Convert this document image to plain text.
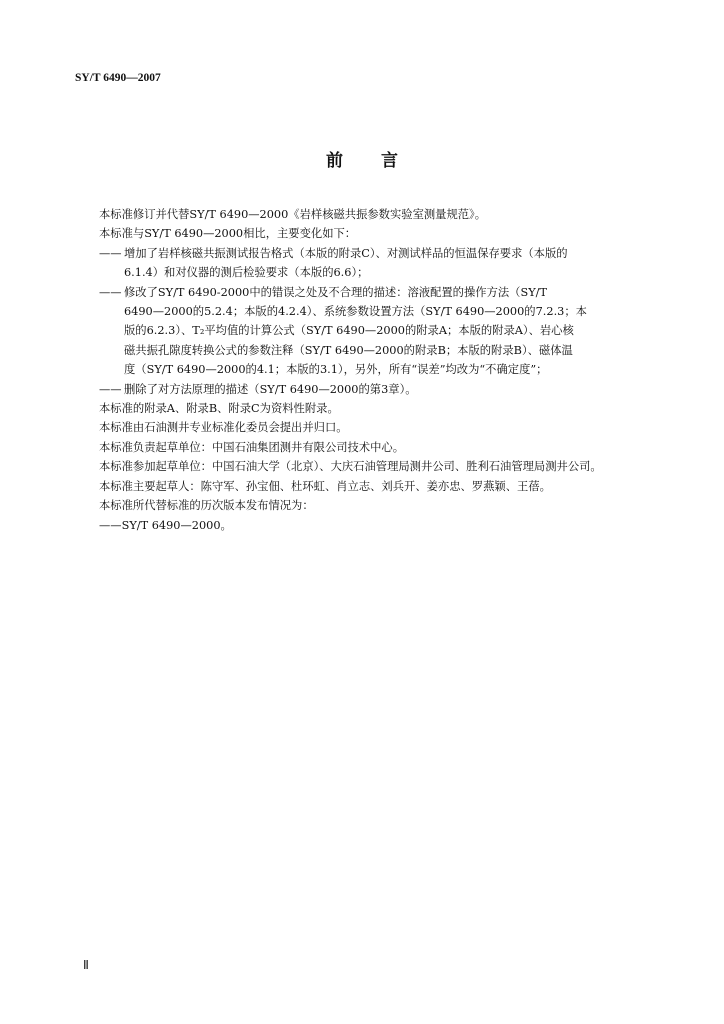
SY/T 6490—2007
前 言
本标准修订并代替SY/T 6490—2000《岩样核磁共振参数实验室测量规范》。
本标准与SY/T 6490—2000相比，主要变化如下：
—— 增加了岩样核磁共振测试报告格式（本版的附录C）、对测试样品的恒温保存要求（本版的
6.1.4）和对仪器的测后检验要求（本版的6.6）；
—— 修改了SY/T 6490-2000中的错误之处及不合理的描述：溶液配置的操作方法（SY/T
6490—2000的5.2.4；本版的4.2.4）、系统参数设置方法（SY/T 6490—2000的7.2.3；本
版的6.2.3）、T₂平均值的计算公式（SY/T 6490—2000的附录A；本版的附录A）、岩心核
磁共振孔隙度转换公式的参数注释（SY/T 6490—2000的附录B；本版的附录B）、磁体温
度（SY/T 6490—2000的4.1；本版的3.1），另外，所有“误差”均改为“不确定度”；
—— 删除了对方法原理的描述（SY/T 6490—2000的第3章）。
本标准的附录A、附录B、附录C为资料性附录。
本标准由石油测井专业标准化委员会提出并归口。
本标准负责起草单位：中国石油集团测井有限公司技术中心。
本标准参加起草单位：中国石油大学（北京）、大庆石油管理局测井公司、胜利石油管理局测井公司。
本标准主要起草人：陈守军、孙宝佃、杜环虹、肖立志、刘兵开、姜亦忠、罗燕颖、王蓓。
本标准所代替标准的历次版本发布情况为：
——SY/T 6490—2000。
Ⅱ
